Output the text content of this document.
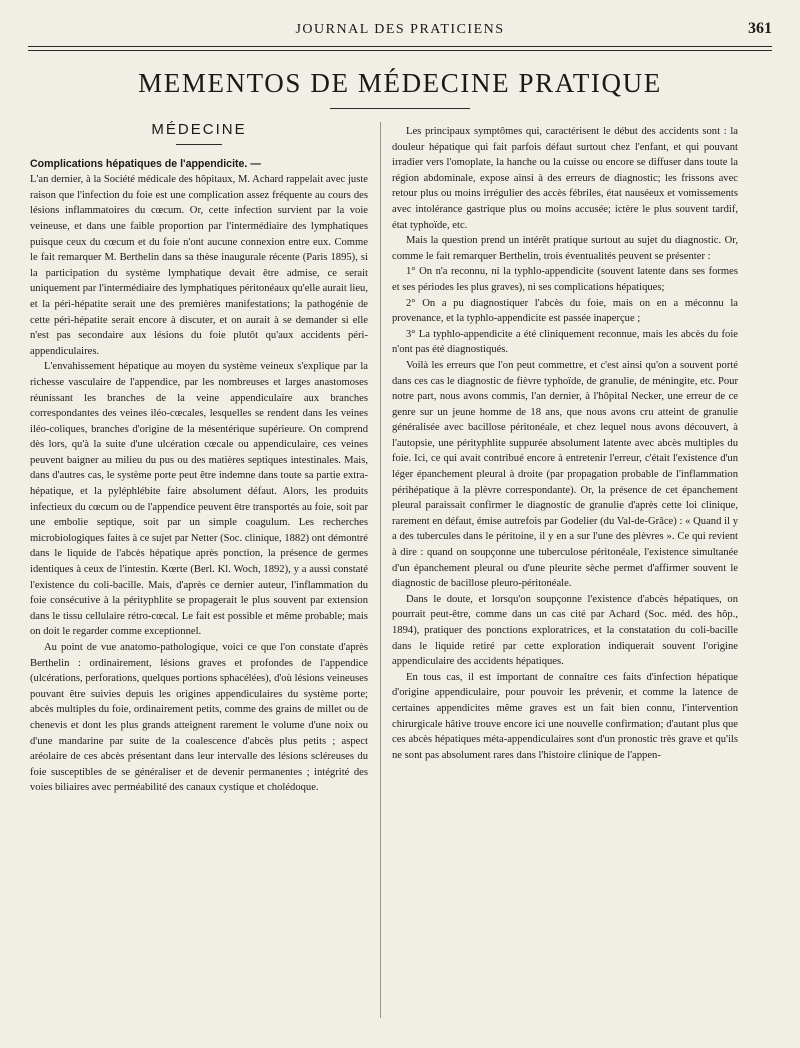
JOURNAL DES PRATICIENS	361
MEMENTOS DE MÉDECINE PRATIQUE
MÉDECINE

Complications hépatiques de l'appendicite. —

L'an dernier, à la Société médicale des hôpitaux, M. Achard rappelait avec juste raison que l'infection du foie est une complication assez fréquente au cours des lésions inflammatoires du cœcum. Or, cette infection survient par la voie veineuse, et dans une faible proportion par l'intermédiaire des lymphatiques puisque ceux du cœcum et du foie n'ont aucune connexion entre eux. Comme le fait remarquer M. Berthelin dans sa thèse inaugurale récente (Paris 1895), si la participation du système lymphatique devait être admise, ce serait uniquement par l'intermédiaire des lymphatiques péritonéaux qu'elle aurait lieu, et la péri-hépatite serait une des premières manifestations; la pathogénie de cette péri-hépatite serait encore à discuter, et on aurait à se demander si elle n'est pas secondaire aux lésions du foie plutôt qu'aux accidents péri-appendiculaires.

L'envahissement hépatique au moyen du système veineux s'explique par la richesse vasculaire de l'appendice, par les nombreuses et larges anastomoses réunissant les branches de la veine appendiculaire aux branches correspondantes des veines iléo-cœcales, lesquelles se rendent dans les veines iléo-coliques, branches d'origine de la mésentérique supérieure. On comprend dès lors, qu'à la suite d'une ulcération cœcale ou appendiculaire, ces veines peuvent baigner au milieu du pus ou des matières septiques intestinales. Mais, dans d'autres cas, le système porte peut être indemne dans toute sa partie extra-hépatique, et la pyléphlébite faire absolument défaut. Alors, les produits infectieux du cœcum ou de l'appendice peuvent être transportés au foie, soit par une embolie septique, soit par un simple coagulum. Les recherches microbiologiques faites à ce sujet par Netter (Soc. clinique, 1882) ont démontré dans le liquide de l'abcès hépatique après ponction, la présence de germes identiques à ceux de l'intestin. Kœrte (Berl. Kl. Woch, 1892), y a aussi constaté l'existence du coli-bacille. Mais, d'après ce dernier auteur, l'inflammation du foie consécutive à la pérityphlite se propagerait le plus souvent par extension dans le tissu cellulaire rétro-cœcal. Le fait est possible et même probable; mais on doit le regarder comme exceptionnel.

Au point de vue anatomo-pathologique, voici ce que l'on constate d'après Berthelin : ordinairement, lésions graves et profondes de l'appendice (ulcérations, perforations, quelques portions sphacélées), d'où lésions veineuses pouvant être suivies depuis les origines appendiculaires du système porte; abcès multiples du foie, ordinairement petits, comme des grains de millet ou de chenevis et dont les plus grands atteignent rarement le volume d'une noix ou d'une mandarine par suite de la coalescence d'abcès plus petits ; aspect aréolaire de ces abcès présentant dans leur intervalle des lésions scléreuses du foie susceptibles de se généraliser et de devenir permanentes ; intégrité des voies biliaires avec perméabilité des canaux cystique et cholédoque.

Les principaux symptômes qui, caractérisent le début des accidents sont : la douleur hépatique qui fait parfois défaut surtout chez l'enfant, et qui pouvant irradier vers l'omoplate, la hanche ou la cuisse ou encore se diffuser dans toute la région abdominale, expose ainsi à des erreurs de diagnostic; les frissons avec retour plus ou moins irrégulier des accès fébriles, état nauséeux et vomissements avec intolérance gastrique plus ou moins accusée; ictère le plus souvent tardif, état typhoïde, etc.

Mais la question prend un intérêt pratique surtout au sujet du diagnostic. Or, comme le fait remarquer Berthelin, trois éventualités peuvent se présenter :

1° On n'a reconnu, ni la typhlo-appendicite (souvent latente dans ses formes et ses périodes les plus graves), ni ses complications hépatiques;

2° On a pu diagnostiquer l'abcès du foie, mais on en a méconnu la provenance, et la typhlo-appendicite est passée inaperçue ;

3° La typhlo-appendicite a été cliniquement reconnue, mais les abcès du foie n'ont pas été diagnostiqués.

Voilà les erreurs que l'on peut commettre, et c'est ainsi qu'on a souvent porté dans ces cas le diagnostic de fièvre typhoïde, de granulie, de méningite, etc. Pour notre part, nous avons commis, l'an dernier, à l'hôpital Necker, une erreur de ce genre sur un jeune homme de 18 ans, que nous avons cru atteint de granulie généralisée avec bacillose péritonéale, et chez lequel nous avons découvert, à l'autopsie, une pérityphlite suppurée absolument latente avec abcès multiples du foie. Ici, ce qui avait contribué encore à entretenir l'erreur, c'était l'existence d'un léger épanchement pleural à droite (par propagation probable de l'inflammation périhépatique à la plèvre correspondante). Or, la présence de cet épanchement pleural paraissait confirmer le diagnostic de granulie d'après cette loi clinique, rarement en défaut, émise autrefois par Godelier (du Val-de-Grâce) : « Quand il y a des tubercules dans le péritoine, il y en a sur l'une des plèvres ». Ce qui revient à dire : quand on soupçonne une tuberculose péritonéale, l'existence simultanée d'un épanchement pleural ou d'une pleurite sèche permet d'affirmer souvent le diagnostic de bacillose pleuro-péritonéale.

Dans le doute, et lorsqu'on soupçonne l'existence d'abcès hépatiques, on pourrait peut-être, comme dans un cas cité par Achard (Soc. méd. des hôp., 1894), pratiquer des ponctions exploratrices, et la constatation du coli-bacille dans le liquide retiré par cette exploration indiquerait souvent l'origine appendiculaire des accidents hépatiques.

En tous cas, il est important de connaître ces faits d'infection hépatique d'origine appendiculaire, pour pouvoir les prévenir, et comme la latence de certaines appendicites même graves est un fait bien connu, l'intervention chirurgicale hâtive trouve encore ici une nouvelle confirmation; d'autant plus que ces abcès hépatiques méta-appendiculaires sont d'un pronostic très grave et qu'ils ne sont pas absolument rares dans l'histoire clinique de l'appen-
